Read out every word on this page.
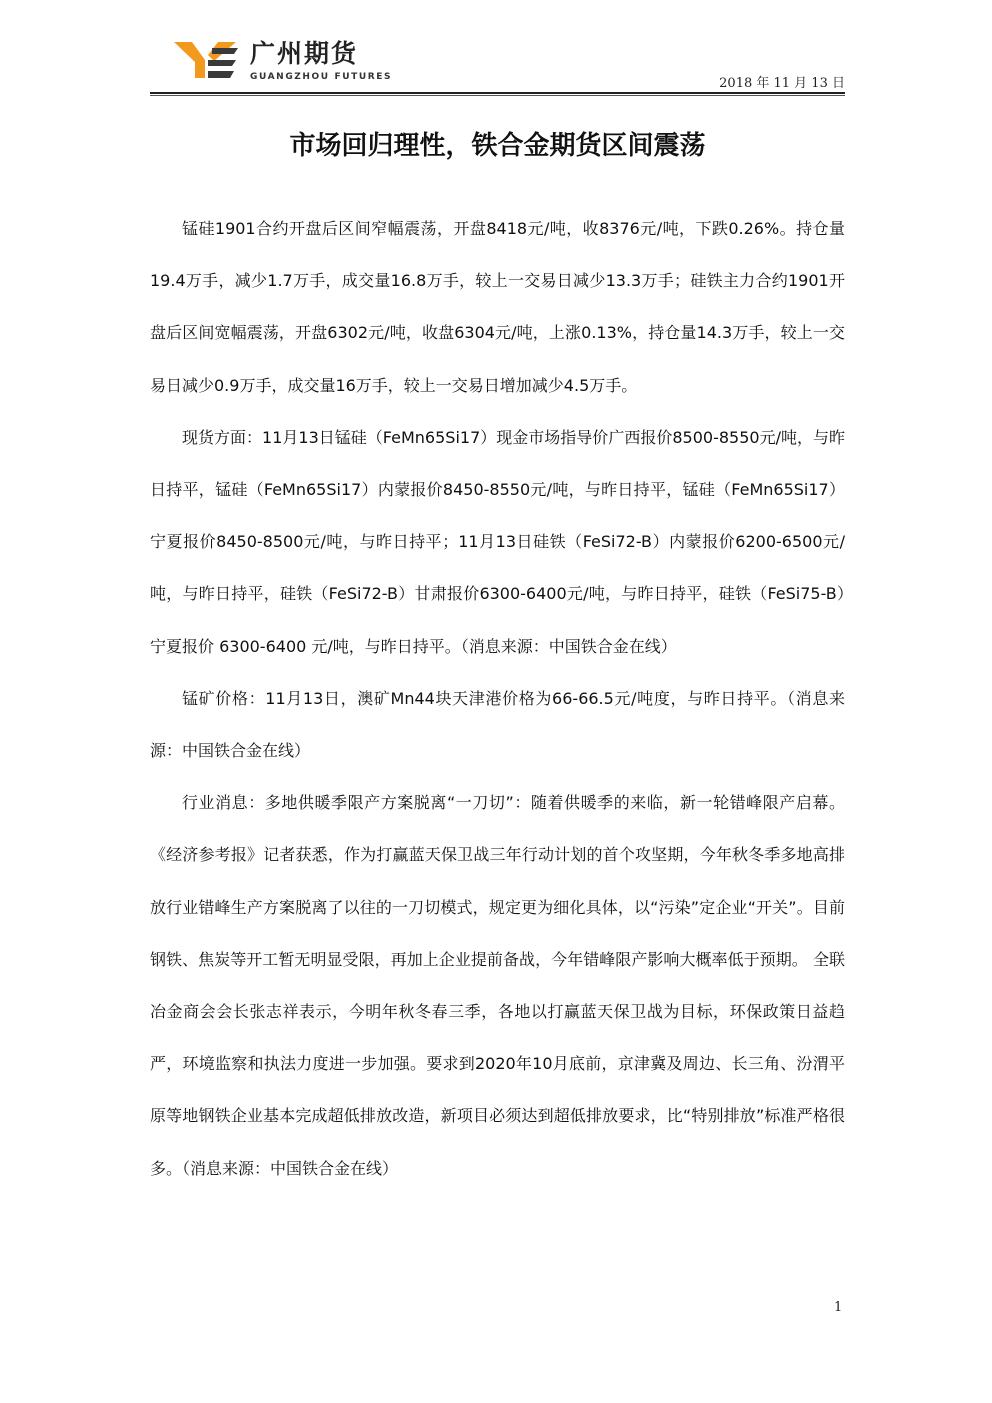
广州期货
GUANGZHOU FUTURES	2018 年 11 月 13 日
市场回归理性，铁合金期货区间震荡

锰硅1901合约开盘后区间窄幅震荡，开盘8418元/吨，收8376元/吨，下跌0.26%。持仓量19.4万手，减少1.7万手，成交量16.8万手，较上一交易日减少13.3万手；硅铁主力合约1901开盘后区间宽幅震荡，开盘6302元/吨，收盘6304元/吨，上涨0.13%，持仓量14.3万手，较上一交易日减少0.9万手，成交量16万手，较上一交易日增加减少4.5万手。

现货方面：11月13日锰硅（FeMn65Si17）现金市场指导价广西报价8500-8550元/吨，与昨日持平，锰硅（FeMn65Si17）内蒙报价8450-8550元/吨，与昨日持平，锰硅（FeMn65Si17）宁夏报价8450-8500元/吨，与昨日持平；11月13日硅铁（FeSi72-B）内蒙报价6200-6500元/吨，与昨日持平，硅铁（FeSi72-B）甘肃报价6300-6400元/吨，与昨日持平，硅铁（FeSi75-B）宁夏报价 6300-6400 元/吨，与昨日持平。（消息来源：中国铁合金在线）

锰矿价格：11月13日，澳矿Mn44块天津港价格为66-66.5元/吨度，与昨日持平。（消息来源：中国铁合金在线）

行业消息：多地供暖季限产方案脱离“一刀切”：随着供暖季的来临，新一轮错峰限产启幕。《经济参考报》记者获悉，作为打赢蓝天保卫战三年行动计划的首个攻坚期，今年秋冬季多地高排放行业错峰生产方案脱离了以往的一刀切模式，规定更为细化具体，以“污染”定企业“开关”。目前钢铁、焦炭等开工暂无明显受限，再加上企业提前备战，今年错峰限产影响大概率低于预期。 全联冶金商会会长张志祥表示，今明年秋冬春三季，各地以打赢蓝天保卫战为目标，环保政策日益趋严，环境监察和执法力度进一步加强。要求到2020年10月底前，京津冀及周边、长三角、汾渭平原等地钢铁企业基本完成超低排放改造，新项目必须达到超低排放要求，比“特别排放”标准严格很多。（消息来源：中国铁合金在线）

1
